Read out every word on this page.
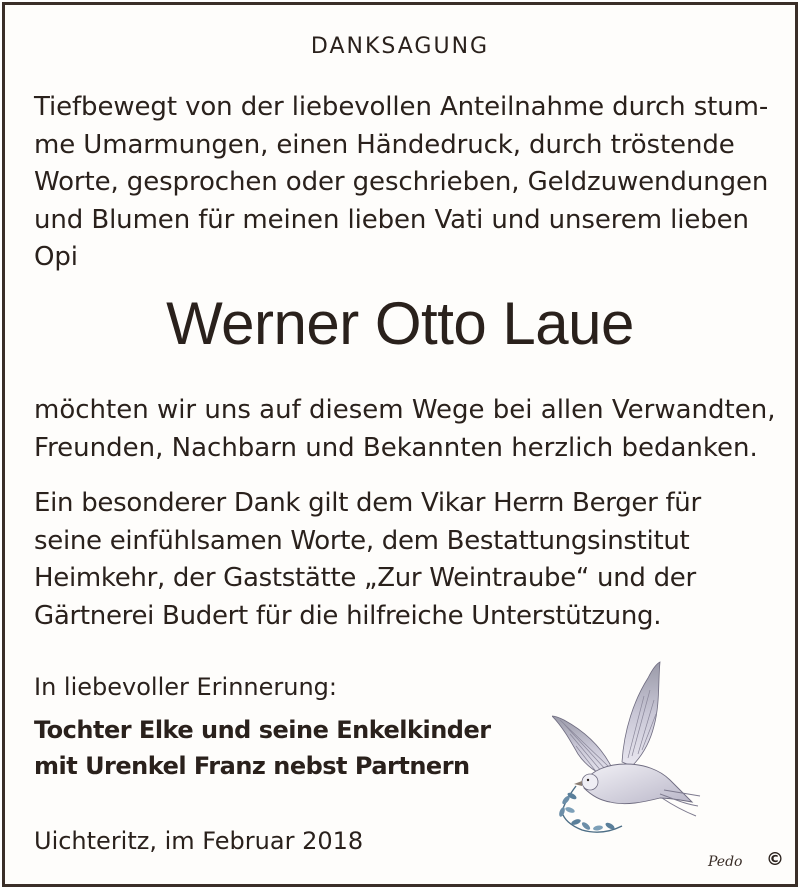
DANKSAGUNG

Tiefbewegt von der liebevollen Anteilnahme durch stum-
me Umarmungen, einen Händedruck, durch tröstende
Worte, gesprochen oder geschrieben, Geldzuwendungen
und Blumen für meinen lieben Vati und unserem lieben
Opi

Werner Otto Laue

möchten wir uns auf diesem Wege bei allen Verwandten,
Freunden, Nachbarn und Bekannten herzlich bedanken.

Ein besonderer Dank gilt dem Vikar Herrn Berger für
seine einfühlsamen Worte, dem Bestattungsinstitut
Heimkehr, der Gaststätte „Zur Weintraube“ und der
Gärtnerei Budert für die hilfreiche Unterstützung.

In liebevoller Erinnerung:
Tochter Elke und seine Enkelkinder
mit Urenkel Franz nebst Partnern
Uichteritz, im Februar 2018
Pedo ©
